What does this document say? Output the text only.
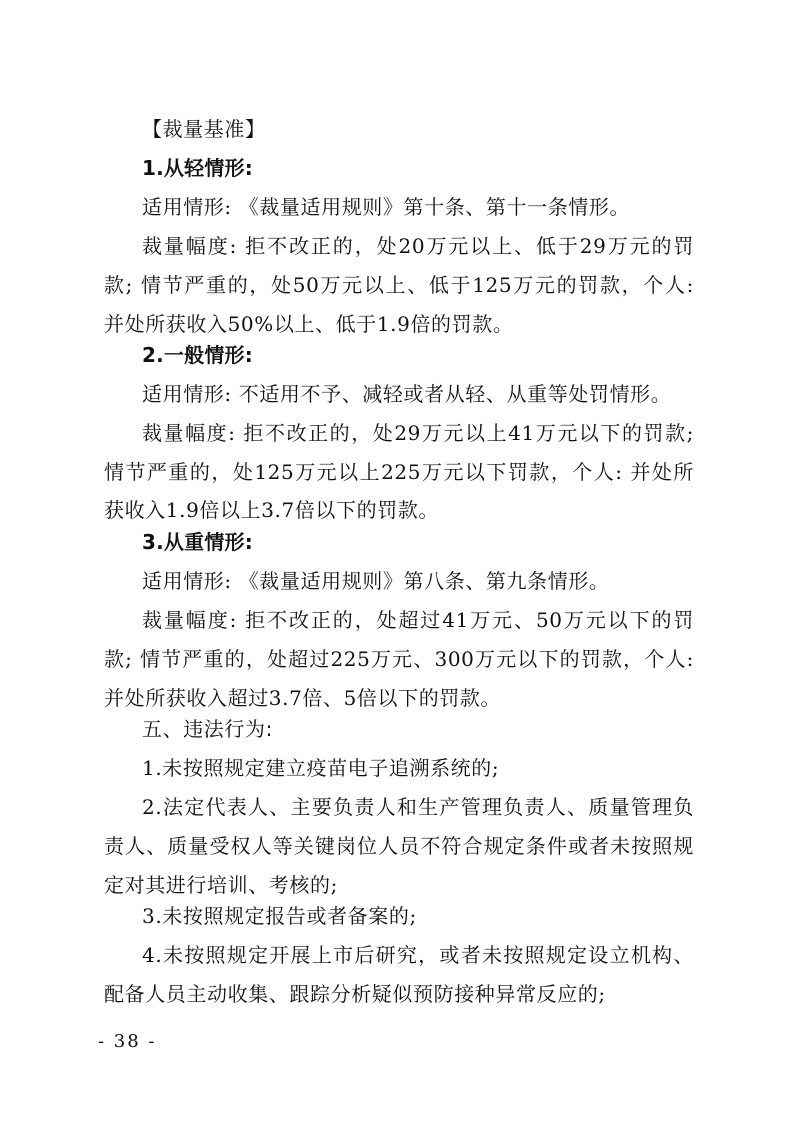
【裁量基准】
1.从轻情形:
适用情形: 《裁量适用规则》第十条、第十一条情形。
裁量幅度: 拒不改正的，处20万元以上、低于29万元的罚
款; 情节严重的，处50万元以上、低于125万元的罚款，个人:
并处所获收入50%以上、低于1.9倍的罚款。
2.一般情形:
适用情形: 不适用不予、减轻或者从轻、从重等处罚情形。
裁量幅度: 拒不改正的，处29万元以上41万元以下的罚款;
情节严重的，处125万元以上225万元以下罚款，个人: 并处所
获收入1.9倍以上3.7倍以下的罚款。
3.从重情形:
适用情形: 《裁量适用规则》第八条、第九条情形。
裁量幅度: 拒不改正的，处超过41万元、50万元以下的罚
款; 情节严重的，处超过225万元、300万元以下的罚款，个人:
并处所获收入超过3.7倍、5倍以下的罚款。
五、违法行为:
1.未按照规定建立疫苗电子追溯系统的;
2.法定代表人、主要负责人和生产管理负责人、质量管理负
责人、质量受权人等关键岗位人员不符合规定条件或者未按照规
定对其进行培训、考核的;
3.未按照规定报告或者备案的;
4.未按照规定开展上市后研究，或者未按照规定设立机构、
配备人员主动收集、跟踪分析疑似预防接种异常反应的;
- 38 -
